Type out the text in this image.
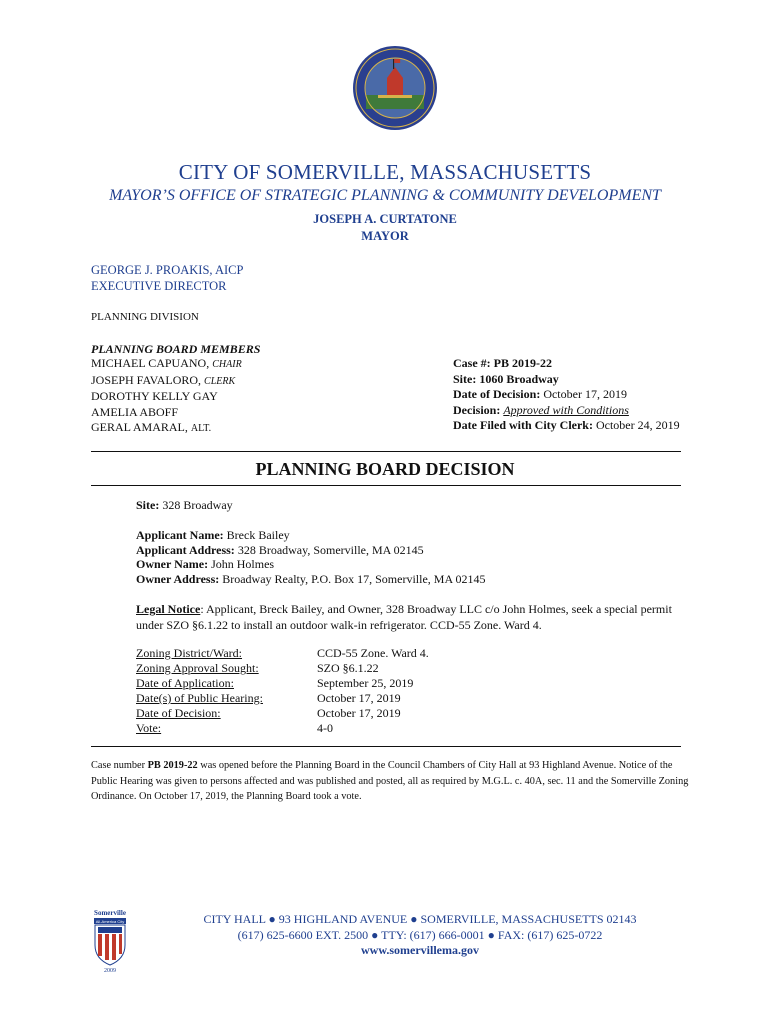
CITY OF SOMERVILLE, MASSACHUSETTS
MAYOR’S OFFICE OF STRATEGIC PLANNING & COMMUNITY DEVELOPMENT
JOSEPH A. CURTATONE
MAYOR
GEORGE J. PROAKIS, AICP
EXECUTIVE DIRECTOR
PLANNING DIVISION
PLANNING BOARD MEMBERS
MICHAEL CAPUANO, CHAIR
JOSEPH FAVALORO, CLERK
DOROTHY KELLY GAY
AMELIA ABOFF
GERAL AMARAL, ALT.
Case #: PB 2019-22
Site: 1060 Broadway
Date of Decision: October 17, 2019
Decision: Approved with Conditions
Date Filed with City Clerk: October 24, 2019
PLANNING BOARD DECISION
Site: 328 Broadway
Applicant Name: Breck Bailey
Applicant Address: 328 Broadway, Somerville, MA 02145
Owner Name: John Holmes
Owner Address: Broadway Realty, P.O. Box 17, Somerville, MA 02145
Legal Notice: Applicant, Breck Bailey, and Owner, 328 Broadway LLC c/o John Holmes, seek a special permit under SZO §6.1.22 to install an outdoor walk-in refrigerator. CCD-55 Zone. Ward 4.
Zoning District/Ward:
Zoning Approval Sought:
Date of Application:
Date(s) of Public Hearing:
Date of Decision:
Vote:
CCD-55 Zone. Ward 4.
SZO §6.1.22
September 25, 2019
October 17, 2019
October 17, 2019
4-0
Case number PB 2019-22 was opened before the Planning Board in the Council Chambers of City Hall at 93 Highland Avenue. Notice of the Public Hearing was given to persons affected and was published and posted, all as required by M.G.L. c. 40A, sec. 11 and the Somerville Zoning Ordinance. On October 17, 2019, the Planning Board took a vote.
Somerville
All-America City
2009
CITY HALL ● 93 HIGHLAND AVENUE ● SOMERVILLE, MASSACHUSETTS 02143
(617) 625-6600 EXT. 2500 ● TTY: (617) 666-0001 ● FAX: (617) 625-0722
www.somervillema.gov
